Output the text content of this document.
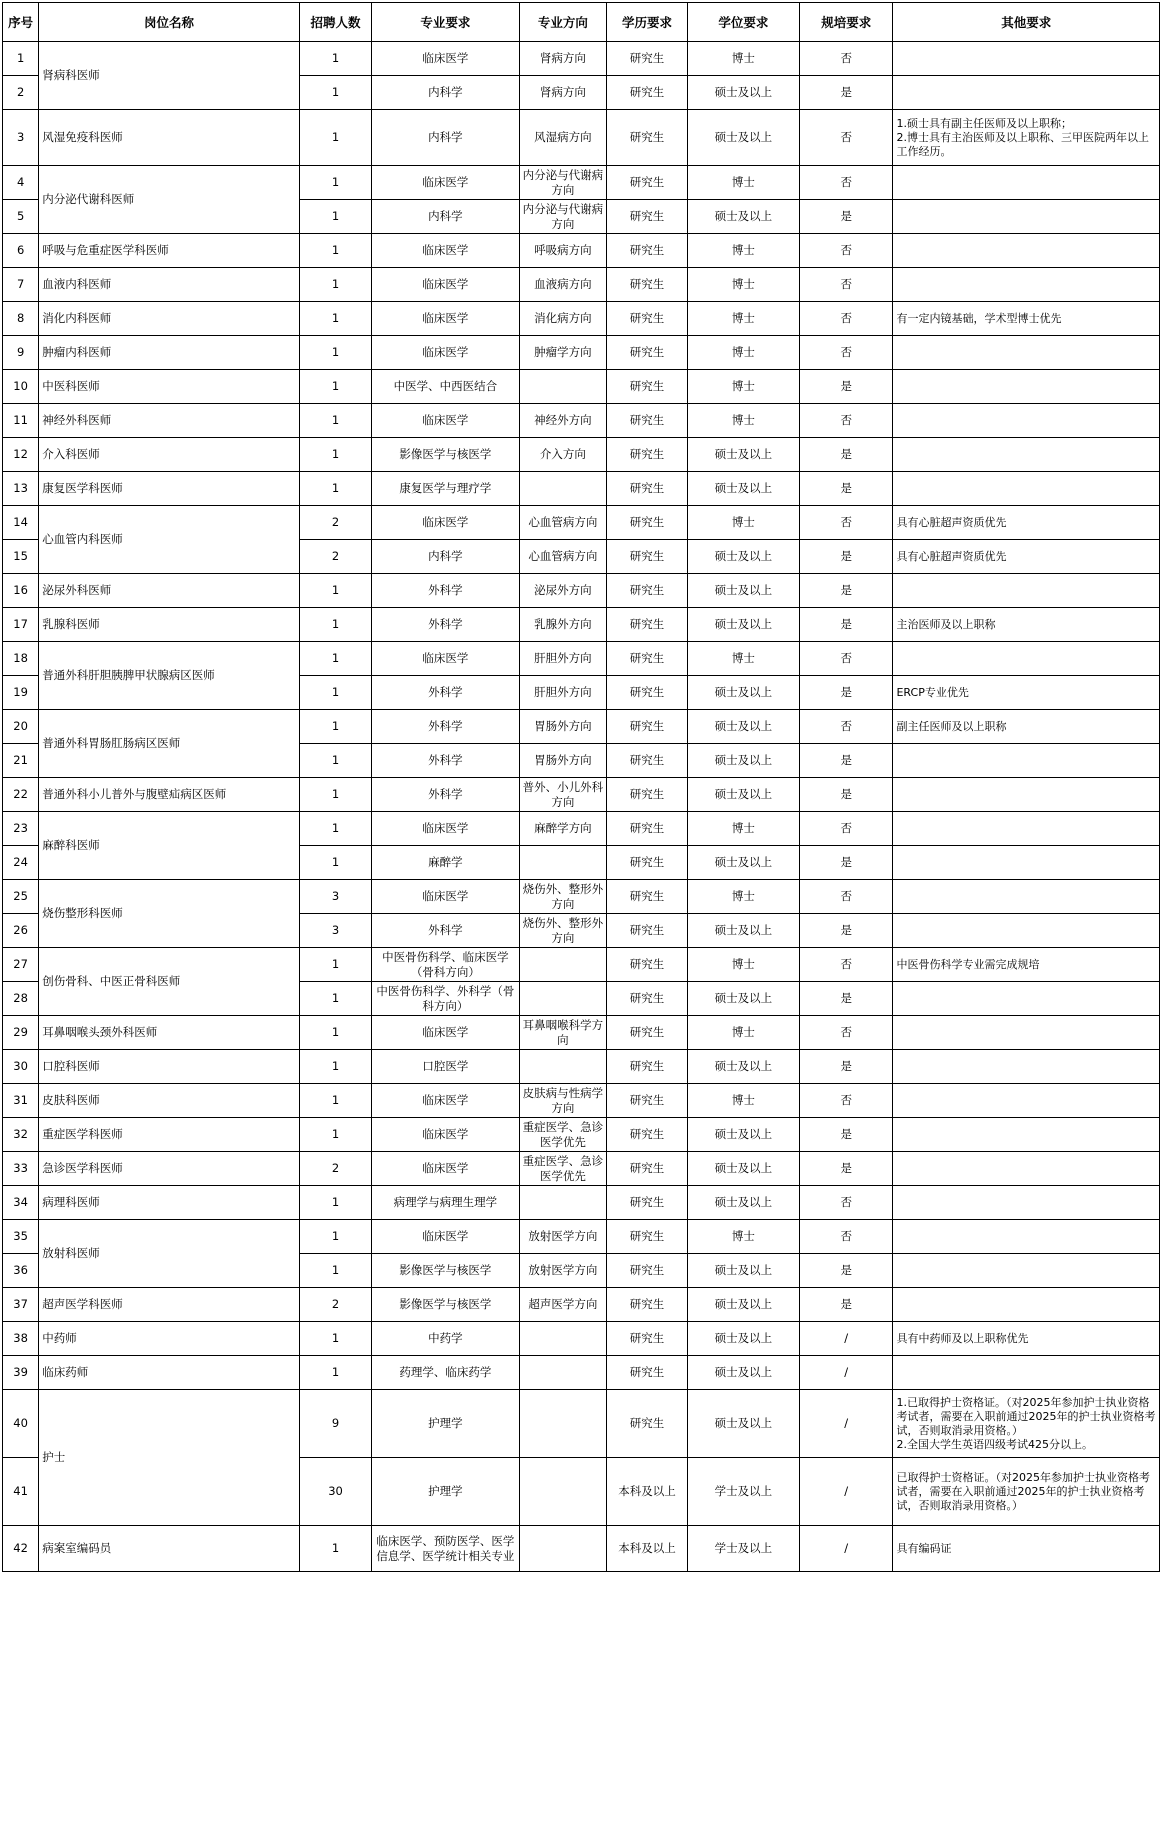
序号	岗位名称	招聘人数	专业要求	专业方向	学历要求	学位要求	规培要求	其他要求
1	肾病科医师	1	临床医学	肾病方向	研究生	博士	否	
2		1	内科学	肾病方向	研究生	硕士及以上	是	
3	风湿免疫科医师	1	内科学	风湿病方向	研究生	硕士及以上	否	1.硕士具有副主任医师及以上职称；
2.博士具有主治医师及以上职称、三甲医院两年以上工作经历。
4	内分泌代谢科医师	1	临床医学	内分泌与代谢病方向	研究生	博士	否	
5		1	内科学	内分泌与代谢病方向	研究生	硕士及以上	是	
6	呼吸与危重症医学科医师	1	临床医学	呼吸病方向	研究生	博士	否	
7	血液内科医师	1	临床医学	血液病方向	研究生	博士	否	
8	消化内科医师	1	临床医学	消化病方向	研究生	博士	否	有一定内镜基础，学术型博士优先
9	肿瘤内科医师	1	临床医学	肿瘤学方向	研究生	博士	否	
10	中医科医师	1	中医学、中西医结合		研究生	博士	是	
11	神经外科医师	1	临床医学	神经外方向	研究生	博士	否	
12	介入科医师	1	影像医学与核医学	介入方向	研究生	硕士及以上	是	
13	康复医学科医师	1	康复医学与理疗学		研究生	硕士及以上	是	
14	心血管内科医师	2	临床医学	心血管病方向	研究生	博士	否	具有心脏超声资质优先
15		2	内科学	心血管病方向	研究生	硕士及以上	是	具有心脏超声资质优先
16	泌尿外科医师	1	外科学	泌尿外方向	研究生	硕士及以上	是	
17	乳腺科医师	1	外科学	乳腺外方向	研究生	硕士及以上	是	主治医师及以上职称
18	普通外科肝胆胰脾甲状腺病区医师	1	临床医学	肝胆外方向	研究生	博士	否	
19		1	外科学	肝胆外方向	研究生	硕士及以上	是	ERCP专业优先
20	普通外科胃肠肛肠病区医师	1	外科学	胃肠外方向	研究生	硕士及以上	否	副主任医师及以上职称
21		1	外科学	胃肠外方向	研究生	硕士及以上	是	
22	普通外科小儿普外与腹壁疝病区医师	1	外科学	普外、小儿外科方向	研究生	硕士及以上	是	
23	麻醉科医师	1	临床医学	麻醉学方向	研究生	博士	否	
24		1	麻醉学		研究生	硕士及以上	是	
25	烧伤整形科医师	3	临床医学	烧伤外、整形外方向	研究生	博士	否	
26		3	外科学	烧伤外、整形外方向	研究生	硕士及以上	是	
27	创伤骨科、中医正骨科医师	1	中医骨伤科学、临床医学（骨科方向）		研究生	博士	否	中医骨伤科学专业需完成规培
28		1	中医骨伤科学、外科学（骨科方向）		研究生	硕士及以上	是	
29	耳鼻咽喉头颈外科医师	1	临床医学	耳鼻咽喉科学方向	研究生	博士	否	
30	口腔科医师	1	口腔医学		研究生	硕士及以上	是	
31	皮肤科医师	1	临床医学	皮肤病与性病学方向	研究生	博士	否	
32	重症医学科医师	1	临床医学	重症医学、急诊医学优先	研究生	硕士及以上	是	
33	急诊医学科医师	2	临床医学	重症医学、急诊医学优先	研究生	硕士及以上	是	
34	病理科医师	1	病理学与病理生理学		研究生	硕士及以上	否	
35	放射科医师	1	临床医学	放射医学方向	研究生	博士	否	
36		1	影像医学与核医学	放射医学方向	研究生	硕士及以上	是	
37	超声医学科医师	2	影像医学与核医学	超声医学方向	研究生	硕士及以上	是	
38	中药师	1	中药学		研究生	硕士及以上	/	具有中药师及以上职称优先
39	临床药师	1	药理学、临床药学		研究生	硕士及以上	/	
40	护士	9	护理学		研究生	硕士及以上	/	1.已取得护士资格证。（对2025年参加护士执业资格考试者，需要在入职前通过2025年的护士执业资格考试，否则取消录用资格。）
2.全国大学生英语四级考试425分以上。
41		30	护理学		本科及以上	学士及以上	/	已取得护士资格证。（对2025年参加护士执业资格考试者，需要在入职前通过2025年的护士执业资格考试，否则取消录用资格。）
42	病案室编码员	1	临床医学、预防医学、医学信息学、医学统计相关专业		本科及以上	学士及以上	/	具有编码证
